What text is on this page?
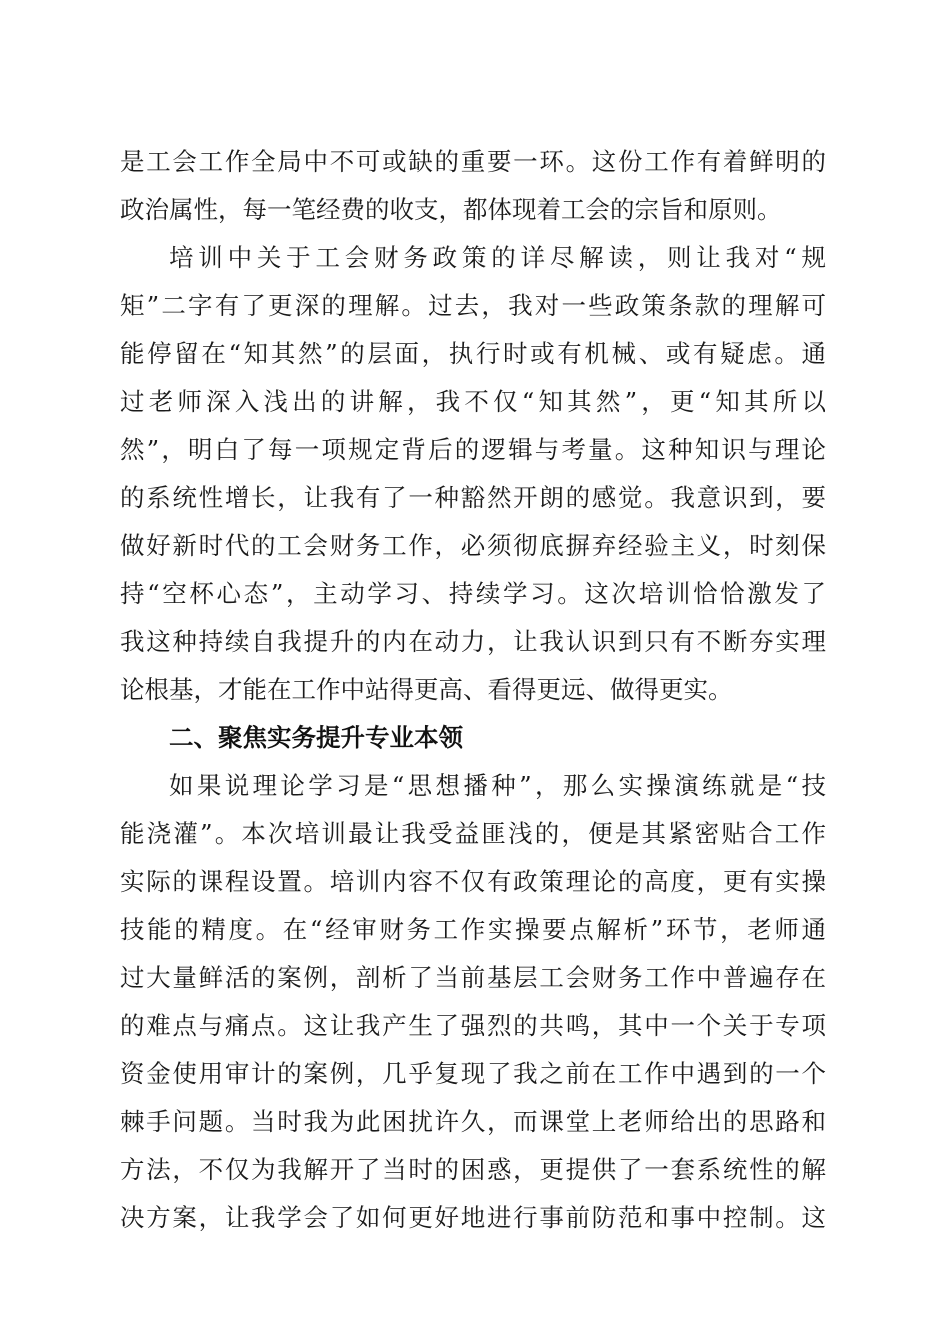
是工会工作全局中不可或缺的重要一环。这份工作有着鲜明的

政治属性，每一笔经费的收支，都体现着工会的宗旨和原则。

培训中关于工会财务政策的详尽解读，则让我对“规

矩”二字有了更深的理解。过去，我对一些政策条款的理解可

能停留在“知其然”的层面，执行时或有机械、或有疑虑。通

过老师深入浅出的讲解，我不仅“知其然”，更“知其所以

然”，明白了每一项规定背后的逻辑与考量。这种知识与理论

的系统性增长，让我有了一种豁然开朗的感觉。我意识到，要

做好新时代的工会财务工作，必须彻底摒弃经验主义，时刻保

持“空杯心态”，主动学习、持续学习。这次培训恰恰激发了

我这种持续自我提升的内在动力，让我认识到只有不断夯实理

论根基，才能在工作中站得更高、看得更远、做得更实。

二、聚焦实务提升专业本领

如果说理论学习是“思想播种”，那么实操演练就是“技

能浇灌”。本次培训最让我受益匪浅的，便是其紧密贴合工作

实际的课程设置。培训内容不仅有政策理论的高度，更有实操

技能的精度。在“经审财务工作实操要点解析”环节，老师通

过大量鲜活的案例，剖析了当前基层工会财务工作中普遍存在

的难点与痛点。这让我产生了强烈的共鸣，其中一个关于专项

资金使用审计的案例，几乎复现了我之前在工作中遇到的一个

棘手问题。当时我为此困扰许久，而课堂上老师给出的思路和

方法，不仅为我解开了当时的困惑，更提供了一套系统性的解

决方案，让我学会了如何更好地进行事前防范和事中控制。这
